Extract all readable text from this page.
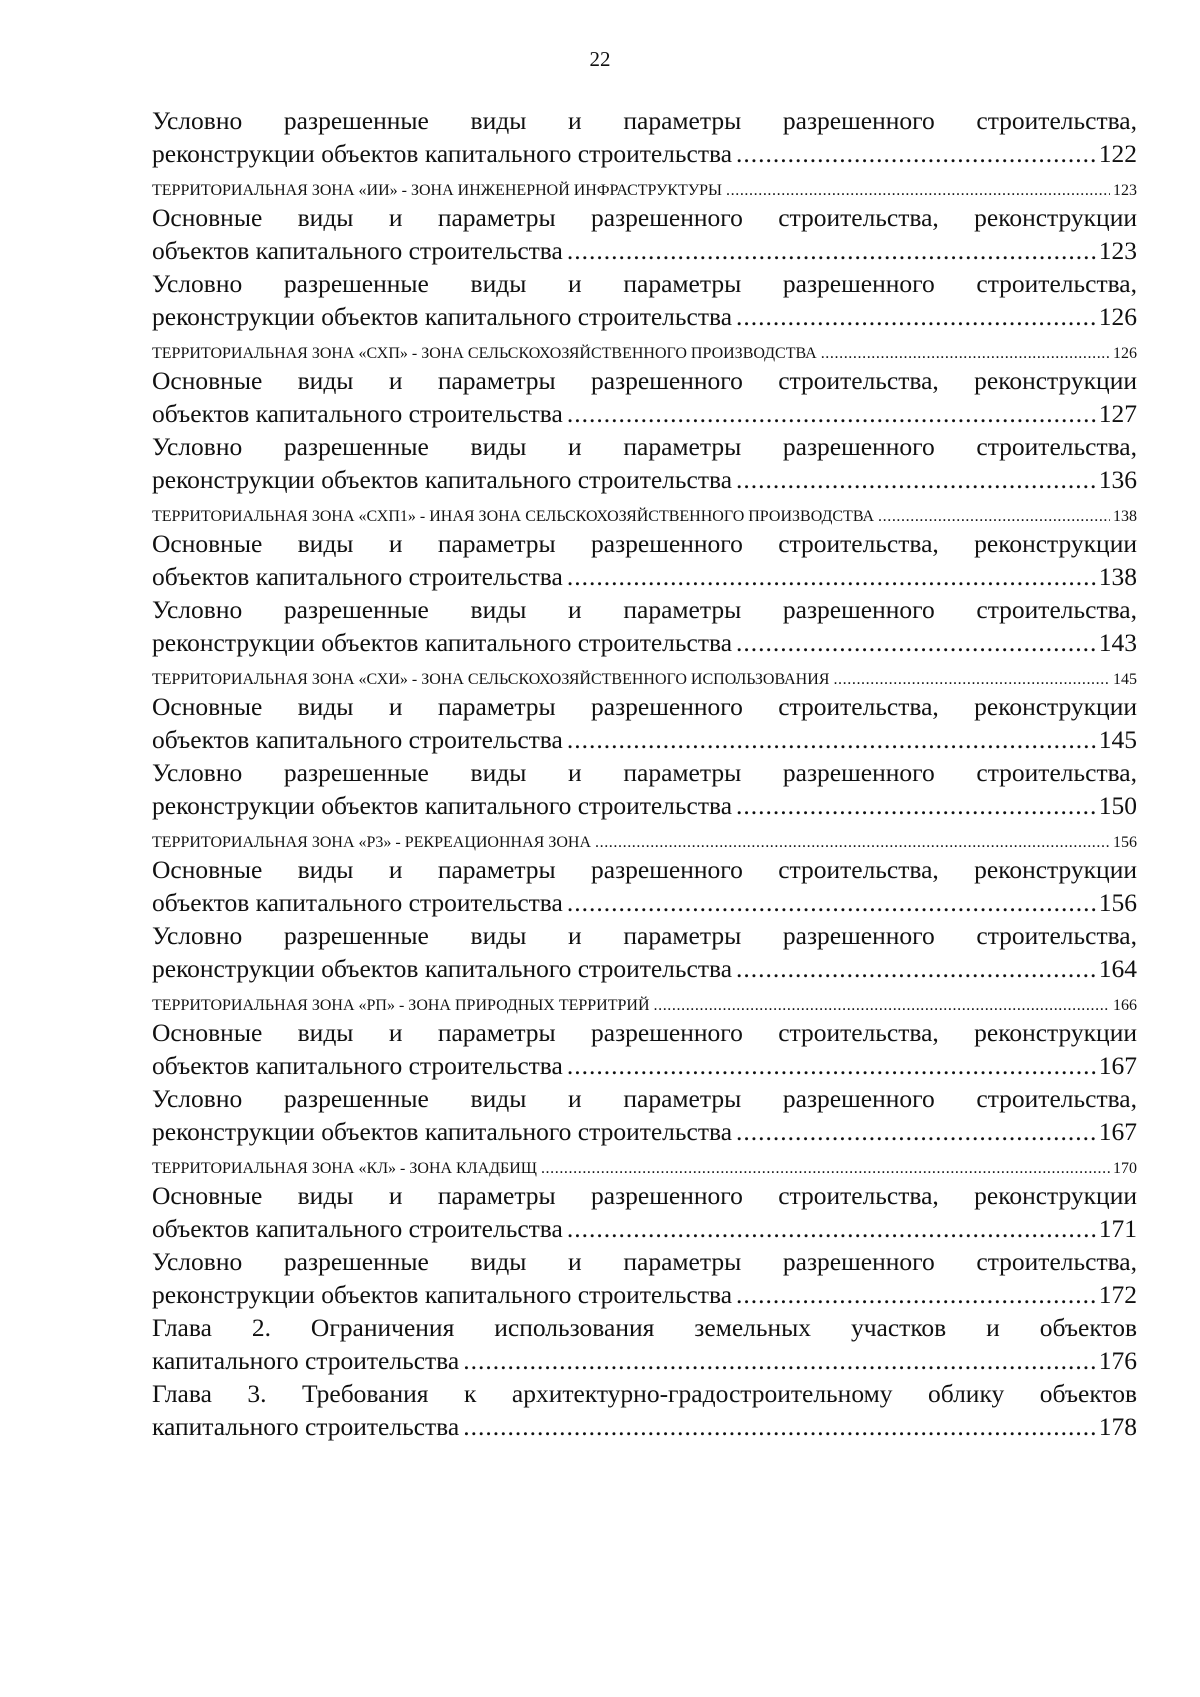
22
Условно разрешенные виды и параметры разрешенного строительства,
реконструкции объектов капитального строительства .....	122
ТЕРРИТОРИАЛЬНАЯ ЗОНА «ИИ» - ЗОНА ИНЖЕНЕРНОЙ ИНФРАСТРУКТУРЫ .....	123
Основные виды и параметры разрешенного строительства, реконструкции
объектов капитального строительства .....	123
Условно разрешенные виды и параметры разрешенного строительства,
реконструкции объектов капитального строительства .....	126
ТЕРРИТОРИАЛЬНАЯ ЗОНА «СХП» - ЗОНА СЕЛЬСКОХОЗЯЙСТВЕННОГО ПРОИЗВОДСТВА .....	126
Основные виды и параметры разрешенного строительства, реконструкции
объектов капитального строительства .....	127
Условно разрешенные виды и параметры разрешенного строительства,
реконструкции объектов капитального строительства .....	136
ТЕРРИТОРИАЛЬНАЯ ЗОНА «СХП1» - ИНАЯ ЗОНА СЕЛЬСКОХОЗЯЙСТВЕННОГО ПРОИЗВОДСТВА .....	138
Основные виды и параметры разрешенного строительства, реконструкции
объектов капитального строительства .....	138
Условно разрешенные виды и параметры разрешенного строительства,
реконструкции объектов капитального строительства .....	143
ТЕРРИТОРИАЛЬНАЯ ЗОНА «СХИ» - ЗОНА СЕЛЬСКОХОЗЯЙСТВЕННОГО ИСПОЛЬЗОВАНИЯ .....	145
Основные виды и параметры разрешенного строительства, реконструкции
объектов капитального строительства .....	145
Условно разрешенные виды и параметры разрешенного строительства,
реконструкции объектов капитального строительства .....	150
ТЕРРИТОРИАЛЬНАЯ ЗОНА «Р3» - РЕКРЕАЦИОННАЯ ЗОНА .....	156
Основные виды и параметры разрешенного строительства, реконструкции
объектов капитального строительства .....	156
Условно разрешенные виды и параметры разрешенного строительства,
реконструкции объектов капитального строительства .....	164
ТЕРРИТОРИАЛЬНАЯ ЗОНА «РП» - ЗОНА ПРИРОДНЫХ ТЕРРИТРИЙ .....	166
Основные виды и параметры разрешенного строительства, реконструкции
объектов капитального строительства .....	167
Условно разрешенные виды и параметры разрешенного строительства,
реконструкции объектов капитального строительства .....	167
ТЕРРИТОРИАЛЬНАЯ ЗОНА «КЛ» - ЗОНА КЛАДБИЩ .....	170
Основные виды и параметры разрешенного строительства, реконструкции
объектов капитального строительства .....	171
Условно разрешенные виды и параметры разрешенного строительства,
реконструкции объектов капитального строительства .....	172
Глава 2. Ограничения использования земельных участков и объектов
капитального строительства .....	176
Глава 3. Требования к архитектурно-градостроительному облику объектов
капитального строительства .....	178
